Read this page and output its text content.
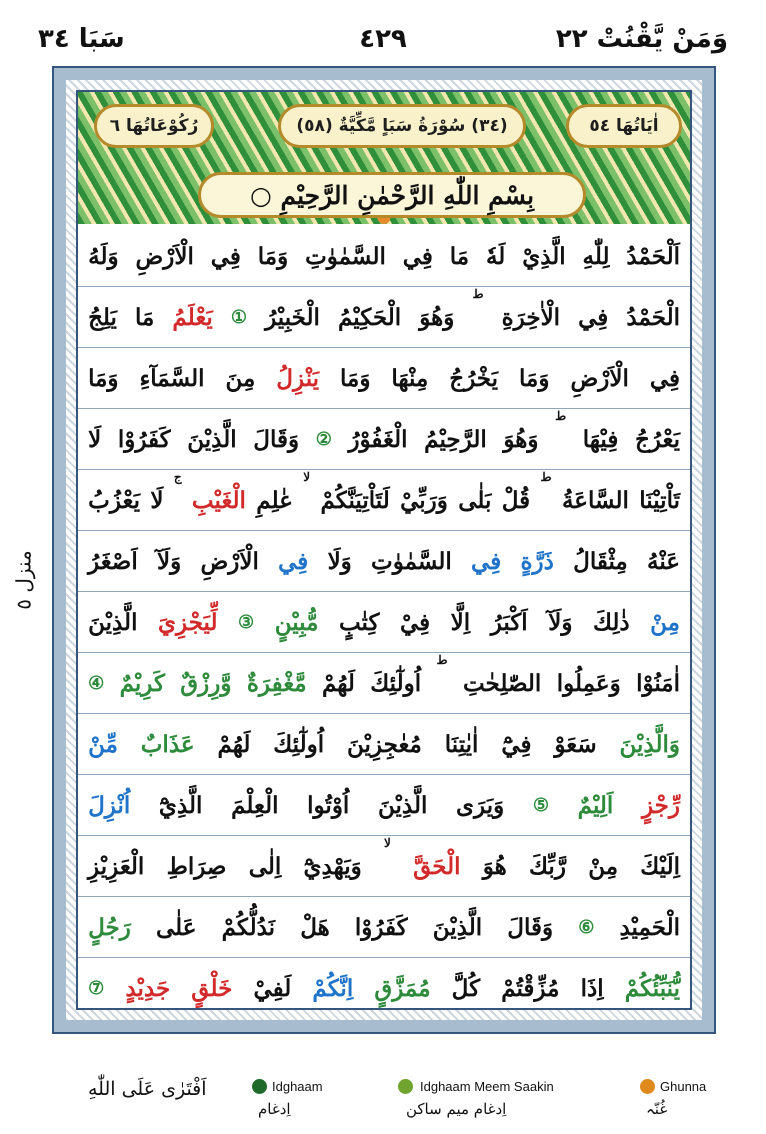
وَمَنْ يَّقْنُتْ ٢٢
٤٢٩
سَبَا ٣٤
منزل ٥
اٰيَاتُهَا ٥٤
(٣٤) سُوْرَةُ سَبَاٍ مَّكِّيَّةٌ (٥٨)
رُكُوْعَاتُهَا ٦
بِسْمِ اللّٰهِ الرَّحْمٰنِ الرَّحِيْمِ ○
اَلْحَمْدُ
لِلّٰهِ
الَّذِيْ
لَهٗ
مَا
فِي
السَّمٰوٰتِ
وَمَا
فِي
الْاَرْضِ
وَلَهُ
الْحَمْدُ
فِي
الْاٰخِرَةِ
ط
وَهُوَ
الْحَكِيْمُ
الْخَبِيْرُ
①
يَعْلَمُ
مَا
يَلِجُ
فِي
الْاَرْضِ
وَمَا
يَخْرُجُ
مِنْهَا
وَمَا
يَنْزِلُ
مِنَ
السَّمَآءِ
وَمَا
يَعْرُجُ
فِيْهَا
ط
وَهُوَ
الرَّحِيْمُ
الْغَفُوْرُ
②
وَقَالَ
الَّذِيْنَ
كَفَرُوْا
لَا
تَاْتِيْنَا
السَّاعَةُ
ط
قُلْ
بَلٰى
وَرَبِّيْ
لَتَاْتِيَنَّكُمْ
لا
عٰلِمِ
الْغَيْبِ
ج
لَا
يَعْزُبُ
عَنْهُ
مِثْقَالُ
ذَرَّةٍ
فِي
السَّمٰوٰتِ
وَلَا
فِي
الْاَرْضِ
وَلَآ
اَصْغَرُ
مِنْ
ذٰلِكَ
وَلَآ
اَكْبَرُ
اِلَّا
فِيْ
كِتٰبٍ
مُّبِيْنٍ
③
لِّيَجْزِيَ
الَّذِيْنَ
اٰمَنُوْا
وَعَمِلُوا
الصّٰلِحٰتِ
ط
اُولٰٓئِكَ
لَهُمْ
مَّغْفِرَةٌ
وَّرِزْقٌ
كَرِيْمٌ
④
وَالَّذِيْنَ
سَعَوْ
فِيْٓ
اٰيٰتِنَا
مُعٰجِزِيْنَ
اُولٰٓئِكَ
لَهُمْ
عَذَابٌ
مِّنْ
رِّجْزٍ
اَلِيْمٌ
⑤
وَيَرَى
الَّذِيْنَ
اُوْتُوا
الْعِلْمَ
الَّذِيْٓ
اُنْزِلَ
اِلَيْكَ
مِنْ
رَّبِّكَ
هُوَ
الْحَقَّ
لا
وَيَهْدِيْٓ
اِلٰى
صِرَاطِ
الْعَزِيْزِ
الْحَمِيْدِ
⑥
وَقَالَ
الَّذِيْنَ
كَفَرُوْا
هَلْ
نَدُلُّكُمْ
عَلٰى
رَجُلٍ
يُّنَبِّئُكُمْ
اِذَا
مُزِّقْتُمْ
كُلَّ
مُمَزَّقٍ
اِنَّكُمْ
لَفِيْ
خَلْقٍ
جَدِيْدٍ
⑦
اَفْتَرٰى عَلَى اللّٰهِ	Idghaam
اِدغام
Idghaam Meem Saakin
اِدغام میم ساکن
Ghunna
غُنّہ
